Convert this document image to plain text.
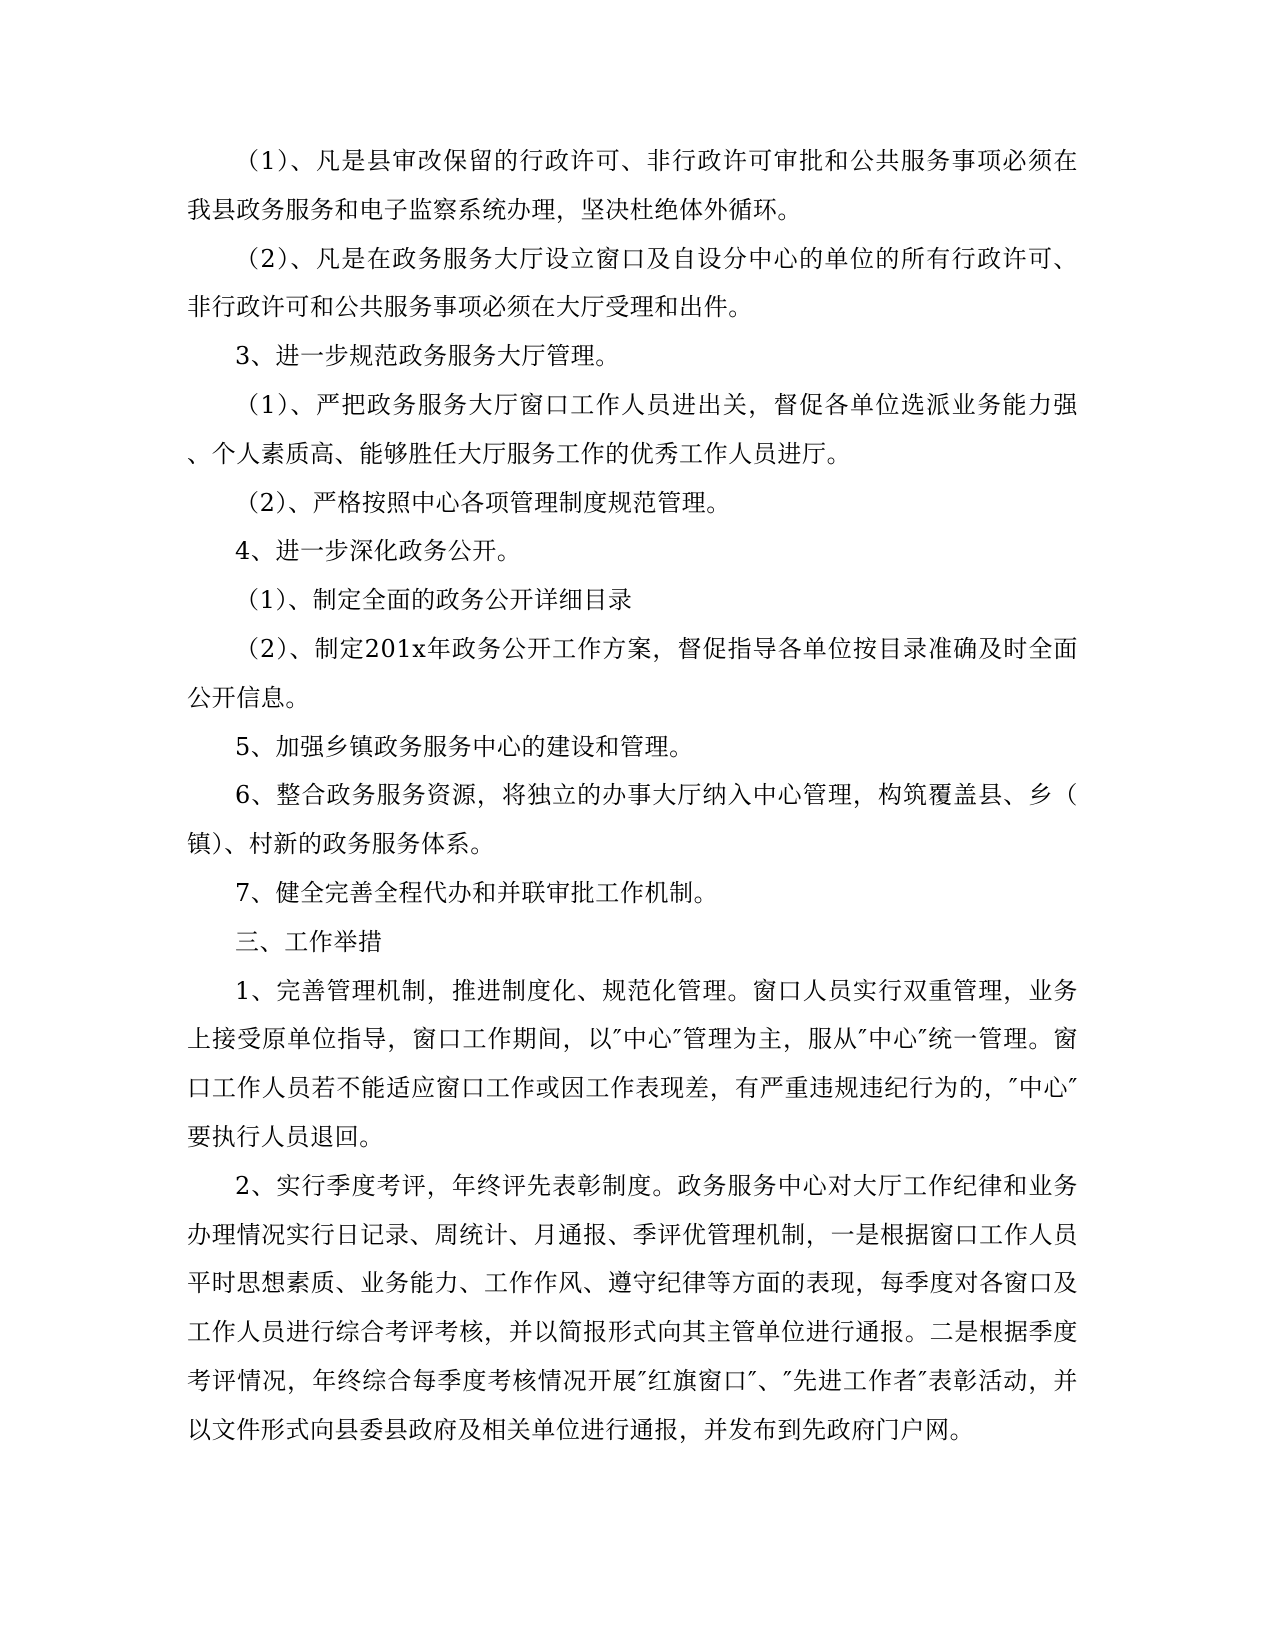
（1）、凡是县审改保留的行政许可、非行政许可审批和公共服务事项必须在
我县政务服务和电子监察系统办理，坚决杜绝体外循环。
（2）、凡是在政务服务大厅设立窗口及自设分中心的单位的所有行政许可、
非行政许可和公共服务事项必须在大厅受理和出件。
3、进一步规范政务服务大厅管理。
（1）、严把政务服务大厅窗口工作人员进出关，督促各单位选派业务能力强
、个人素质高、能够胜任大厅服务工作的优秀工作人员进厅。
（2）、严格按照中心各项管理制度规范管理。
4、进一步深化政务公开。
（1）、制定全面的政务公开详细目录
（2）、制定201x年政务公开工作方案，督促指导各单位按目录准确及时全面
公开信息。
5、加强乡镇政务服务中心的建设和管理。
6、整合政务服务资源，将独立的办事大厅纳入中心管理，构筑覆盖县、乡（
镇）、村新的政务服务体系。
7、健全完善全程代办和并联审批工作机制。
三、工作举措
1、完善管理机制，推进制度化、规范化管理。窗口人员实行双重管理，业务
上接受原单位指导，窗口工作期间，以″中心″管理为主，服从″中心″统一管理。窗
口工作人员若不能适应窗口工作或因工作表现差，有严重违规违纪行为的，″中心″
要执行人员退回。
2、实行季度考评，年终评先表彰制度。政务服务中心对大厅工作纪律和业务
办理情况实行日记录、周统计、月通报、季评优管理机制，一是根据窗口工作人员
平时思想素质、业务能力、工作作风、遵守纪律等方面的表现，每季度对各窗口及
工作人员进行综合考评考核，并以简报形式向其主管单位进行通报。二是根据季度
考评情况，年终综合每季度考核情况开展″红旗窗口″、″先进工作者″表彰活动，并
以文件形式向县委县政府及相关单位进行通报，并发布到先政府门户网。
